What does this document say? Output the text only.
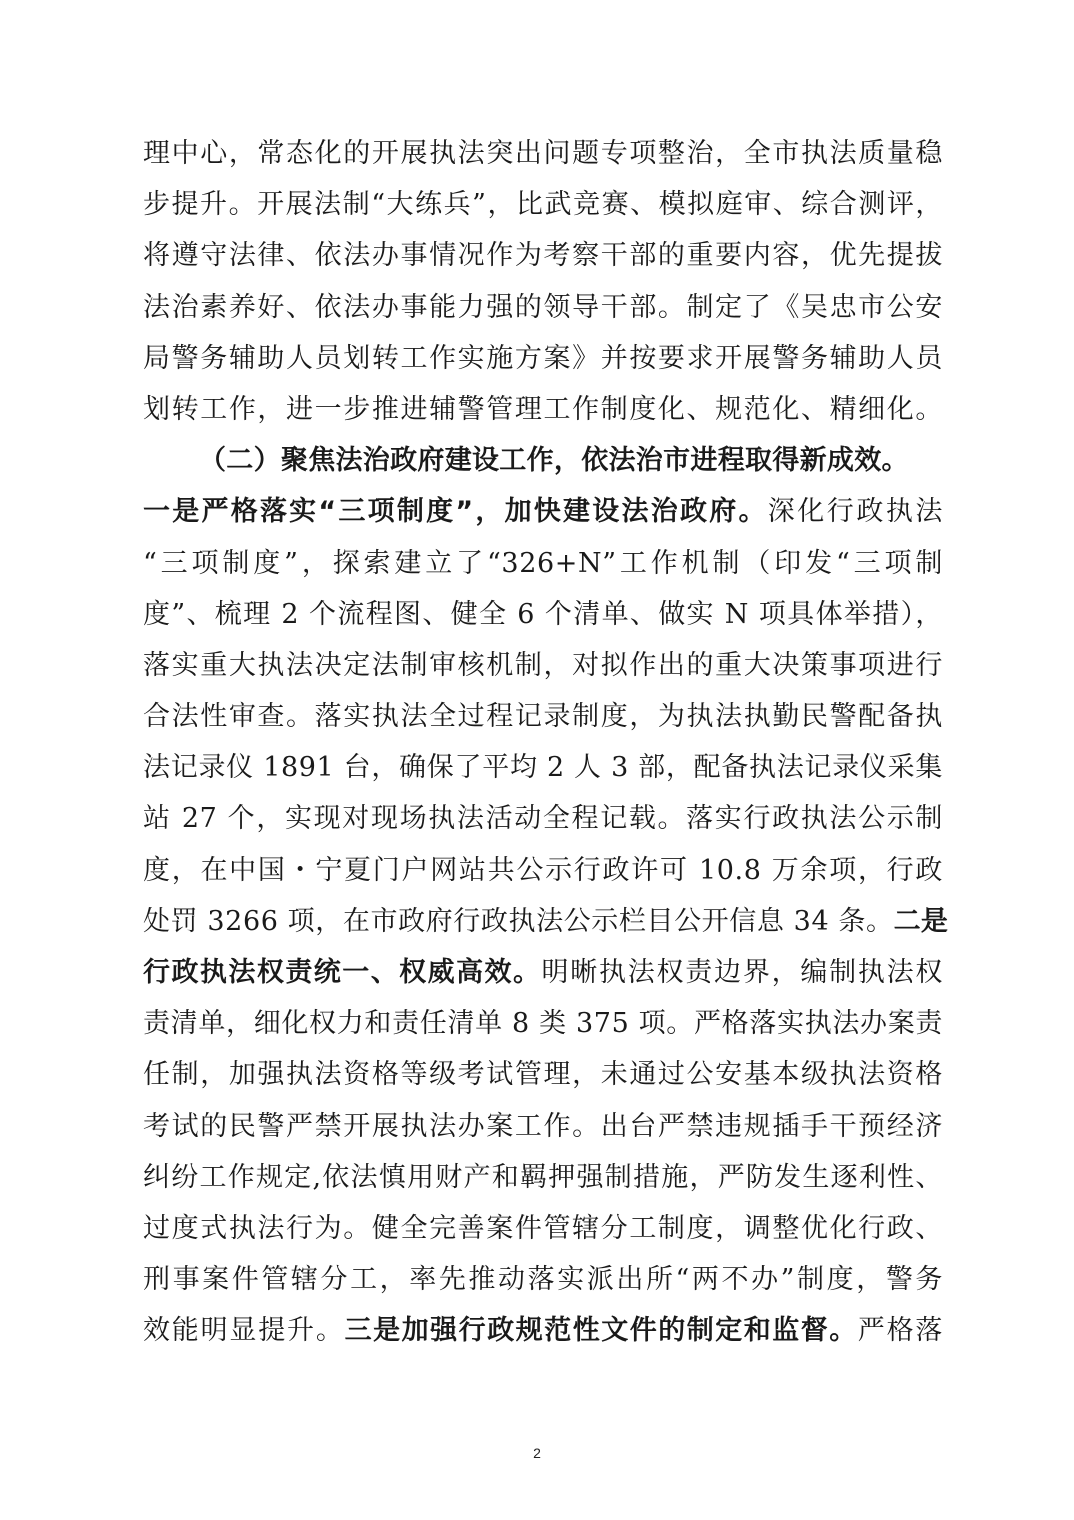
理中心，常态化的开展执法突出问题专项整治，全市执法质量稳
步提升。开展法制“大练兵”，比武竞赛、模拟庭审、综合测评，
将遵守法律、依法办事情况作为考察干部的重要内容，优先提拔
法治素养好、依法办事能力强的领导干部。制定了《吴忠市公安
局警务辅助人员划转工作实施方案》并按要求开展警务辅助人员
划转工作，进一步推进辅警管理工作制度化、规范化、精细化。
（二）聚焦法治政府建设工作，依法治市进程取得新成效。
一是严格落实“三项制度”，加快建设法治政府。深化行政执法
“三项制度”，探索建立了“326+N”工作机制（印发“三项制
度”、梳理 2 个流程图、健全 6 个清单、做实 N 项具体举措），
落实重大执法决定法制审核机制，对拟作出的重大决策事项进行
合法性审查。落实执法全过程记录制度，为执法执勤民警配备执
法记录仪 1891 台，确保了平均 2 人 3 部，配备执法记录仪采集
站 27 个，实现对现场执法活动全程记载。落实行政执法公示制
度，在中国・宁夏门户网站共公示行政许可 10.8 万余项，行政
处罚 3266 项，在市政府行政执法公示栏目公开信息 34 条。二是
行政执法权责统一、权威高效。明晰执法权责边界，编制执法权
责清单，细化权力和责任清单 8 类 375 项。严格落实执法办案责
任制，加强执法资格等级考试管理，未通过公安基本级执法资格
考试的民警严禁开展执法办案工作。出台严禁违规插手干预经济
纠纷工作规定,依法慎用财产和羁押强制措施，严防发生逐利性、
过度式执法行为。健全完善案件管辖分工制度，调整优化行政、
刑事案件管辖分工，率先推动落实派出所“两不办”制度，警务
效能明显提升。三是加强行政规范性文件的制定和监督。严格落
2
